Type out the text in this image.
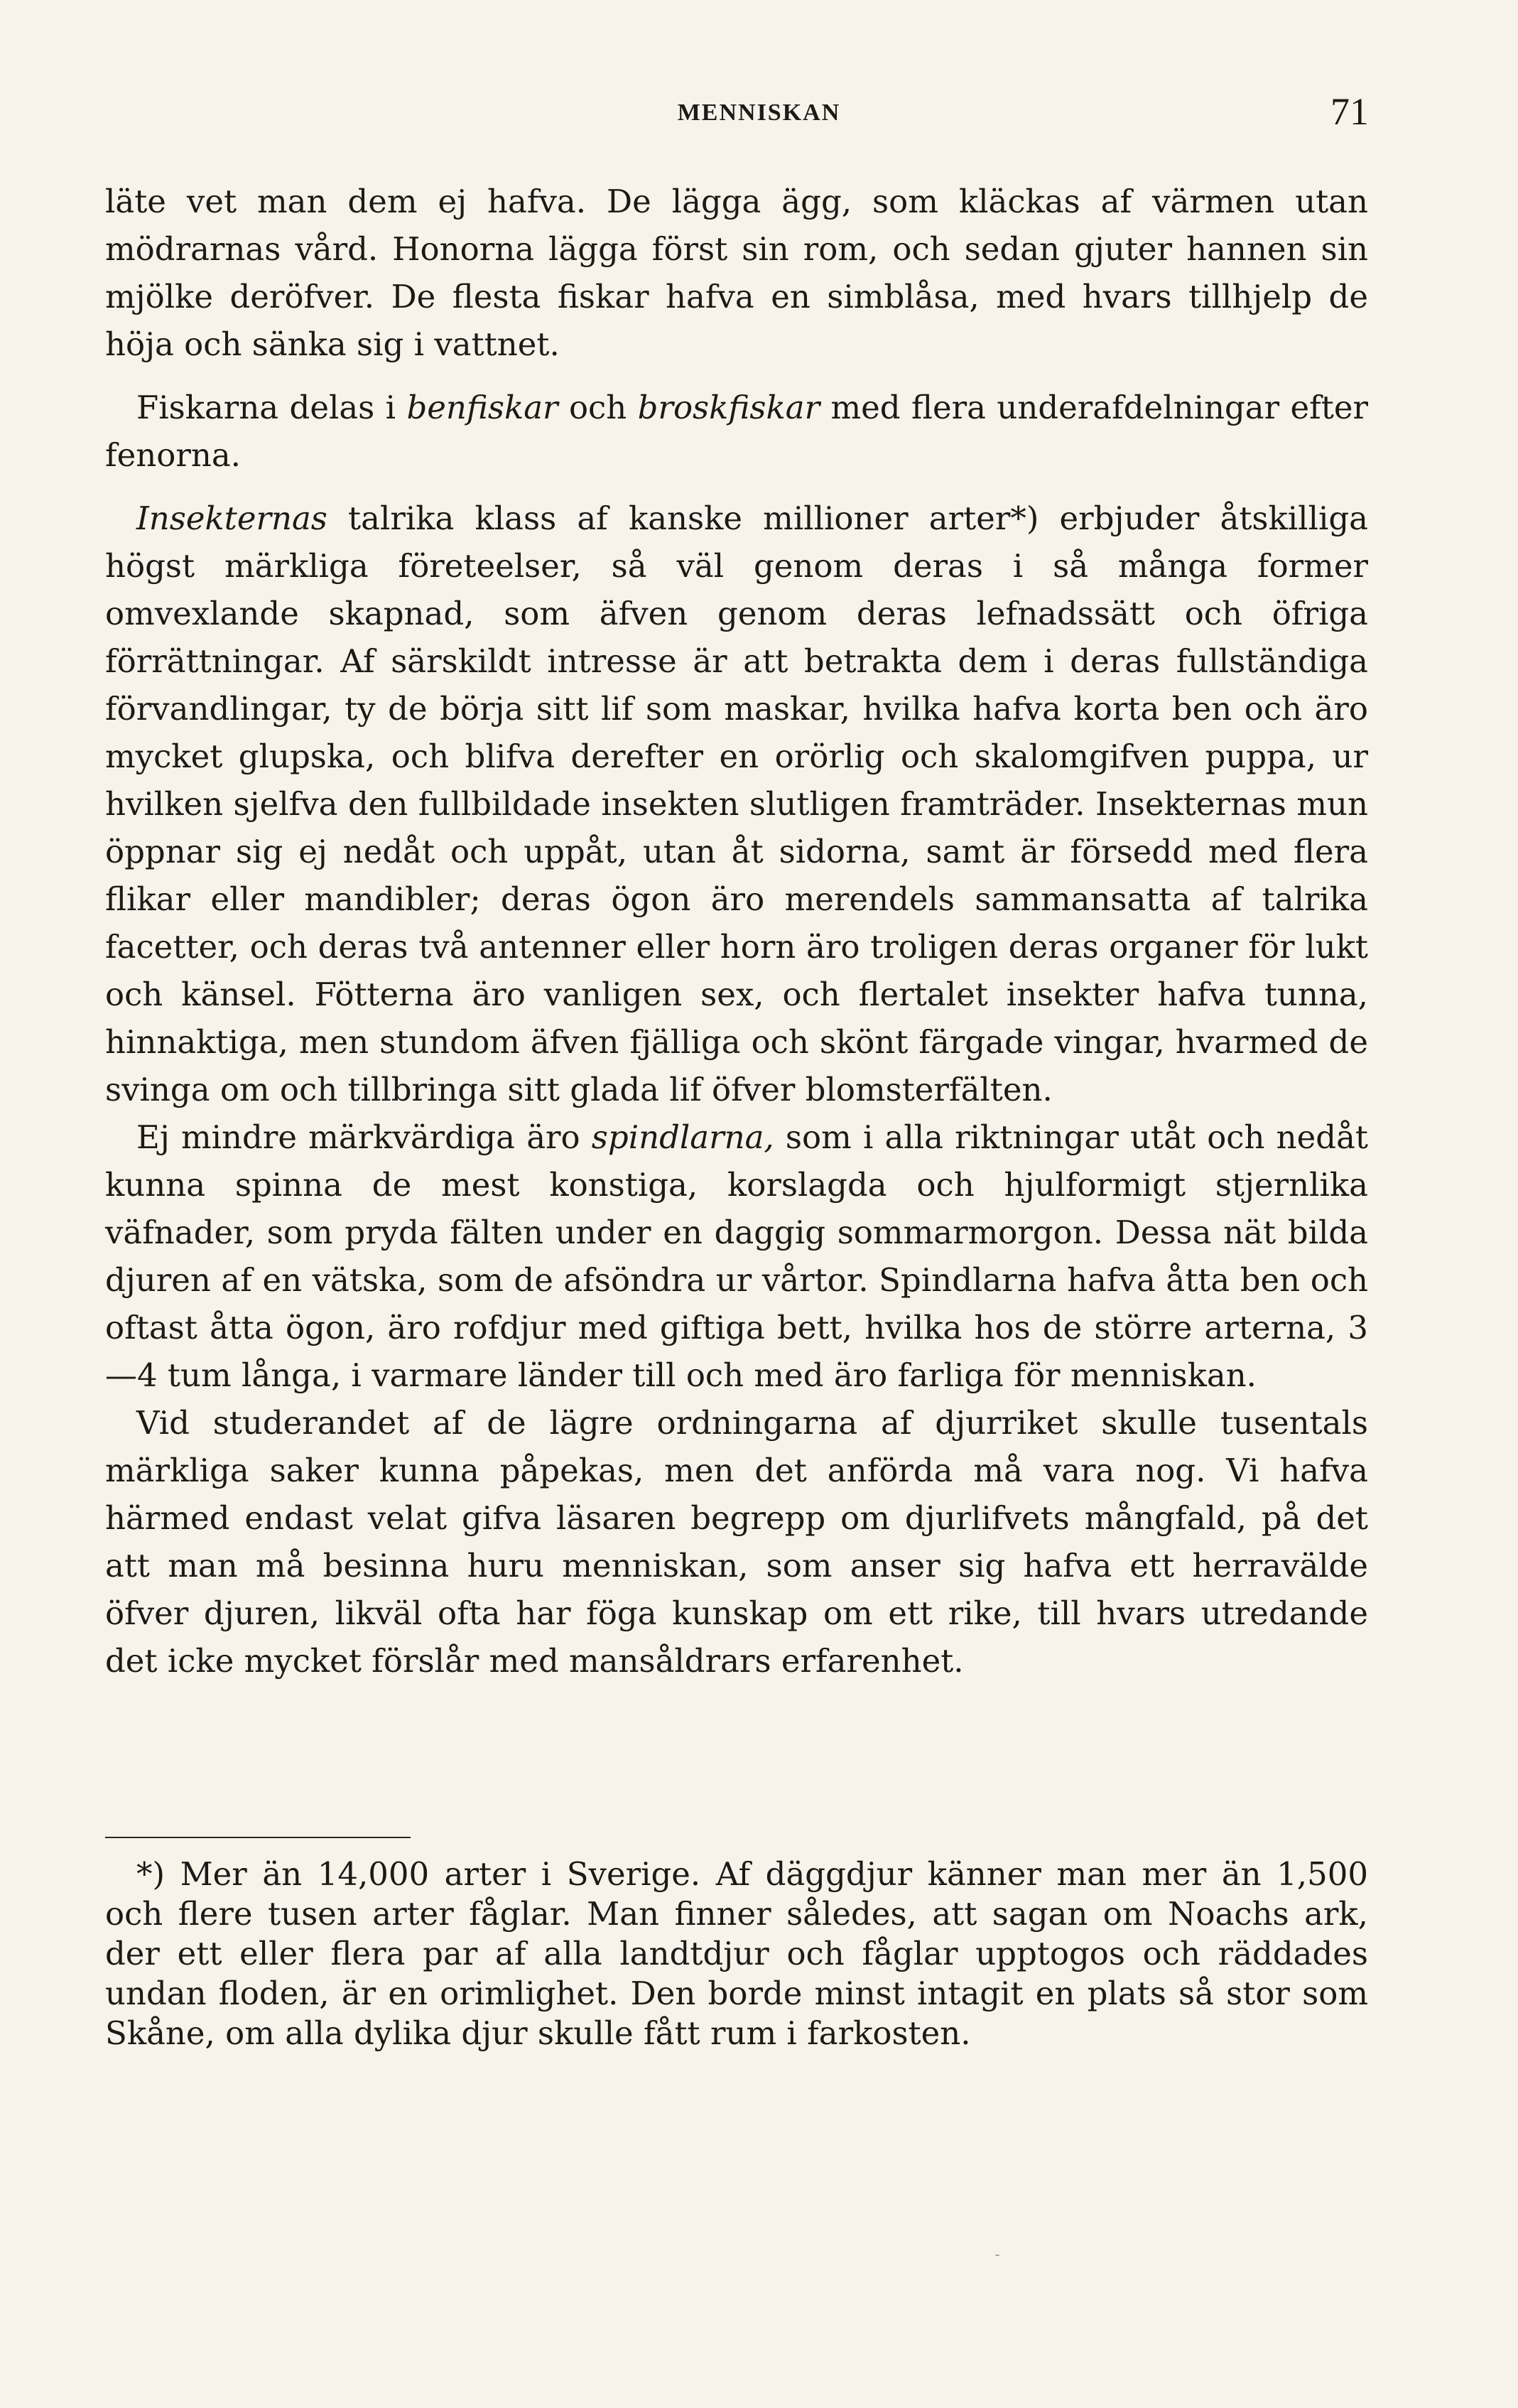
MENNISKAN	71

läte vet man dem ej hafva. De lägga ägg, som kläckas af värmen utan mödrarnas vård. Honorna lägga först sin rom, och sedan gjuter hannen sin mjölke deröfver. De flesta fiskar hafva en simblåsa, med hvars tillhjelp de höja och sänka sig i vattnet.

Fiskarna delas i benfiskar och broskfiskar med flera underafdelningar efter fenorna.

Insekternas talrika klass af kanske millioner arter*) erbjuder åtskilliga högst märkliga företeelser, så väl genom deras i så många former omvexlande skapnad, som äfven genom deras lefnadssätt och öfriga förrättningar. Af särskildt intresse är att betrakta dem i deras fullständiga förvandlingar, ty de börja sitt lif som maskar, hvilka hafva korta ben och äro mycket glupska, och blifva derefter en orörlig och skalomgifven puppa, ur hvilken sjelfva den fullbildade insekten slutligen framträder. Insekternas mun öppnar sig ej nedåt och uppåt, utan åt sidorna, samt är försedd med flera flikar eller mandibler; deras ögon äro merendels sammansatta af talrika facetter, och deras två antenner eller horn äro troligen deras organer för lukt och känsel. Fötterna äro vanligen sex, och flertalet insekter hafva tunna, hinnaktiga, men stundom äfven fjälliga och skönt färgade vingar, hvarmed de svinga om och tillbringa sitt glada lif öfver blomsterfälten.

Ej mindre märkvärdiga äro spindlarna, som i alla riktningar utåt och nedåt kunna spinna de mest konstiga, korslagda och hjulformigt stjernlika väfnader, som pryda fälten under en daggig sommarmorgon. Dessa nät bilda djuren af en vätska, som de afsöndra ur vårtor. Spindlarna hafva åtta ben och oftast åtta ögon, äro rofdjur med giftiga bett, hvilka hos de större arterna, 3—4 tum långa, i varmare länder till och med äro farliga för menniskan.

Vid studerandet af de lägre ordningarna af djurriket skulle tusentals märkliga saker kunna påpekas, men det anförda må vara nog. Vi hafva härmed endast velat gifva läsaren begrepp om djurlifvets mångfald, på det att man må besinna huru menniskan, som anser sig hafva ett herravälde öfver djuren, likväl ofta har föga kunskap om ett rike, till hvars utredande det icke mycket förslår med mansåldrars erfarenhet.

*) Mer än 14,000 arter i Sverige. Af däggdjur känner man mer än 1,500 och flere tusen arter fåglar. Man finner således, att sagan om Noachs ark, der ett eller flera par af alla landtdjur och fåglar upptogos och räddades undan floden, är en orimlighet. Den borde minst intagit en plats så stor som Skåne, om alla dylika djur skulle fått rum i farkosten.
˜
